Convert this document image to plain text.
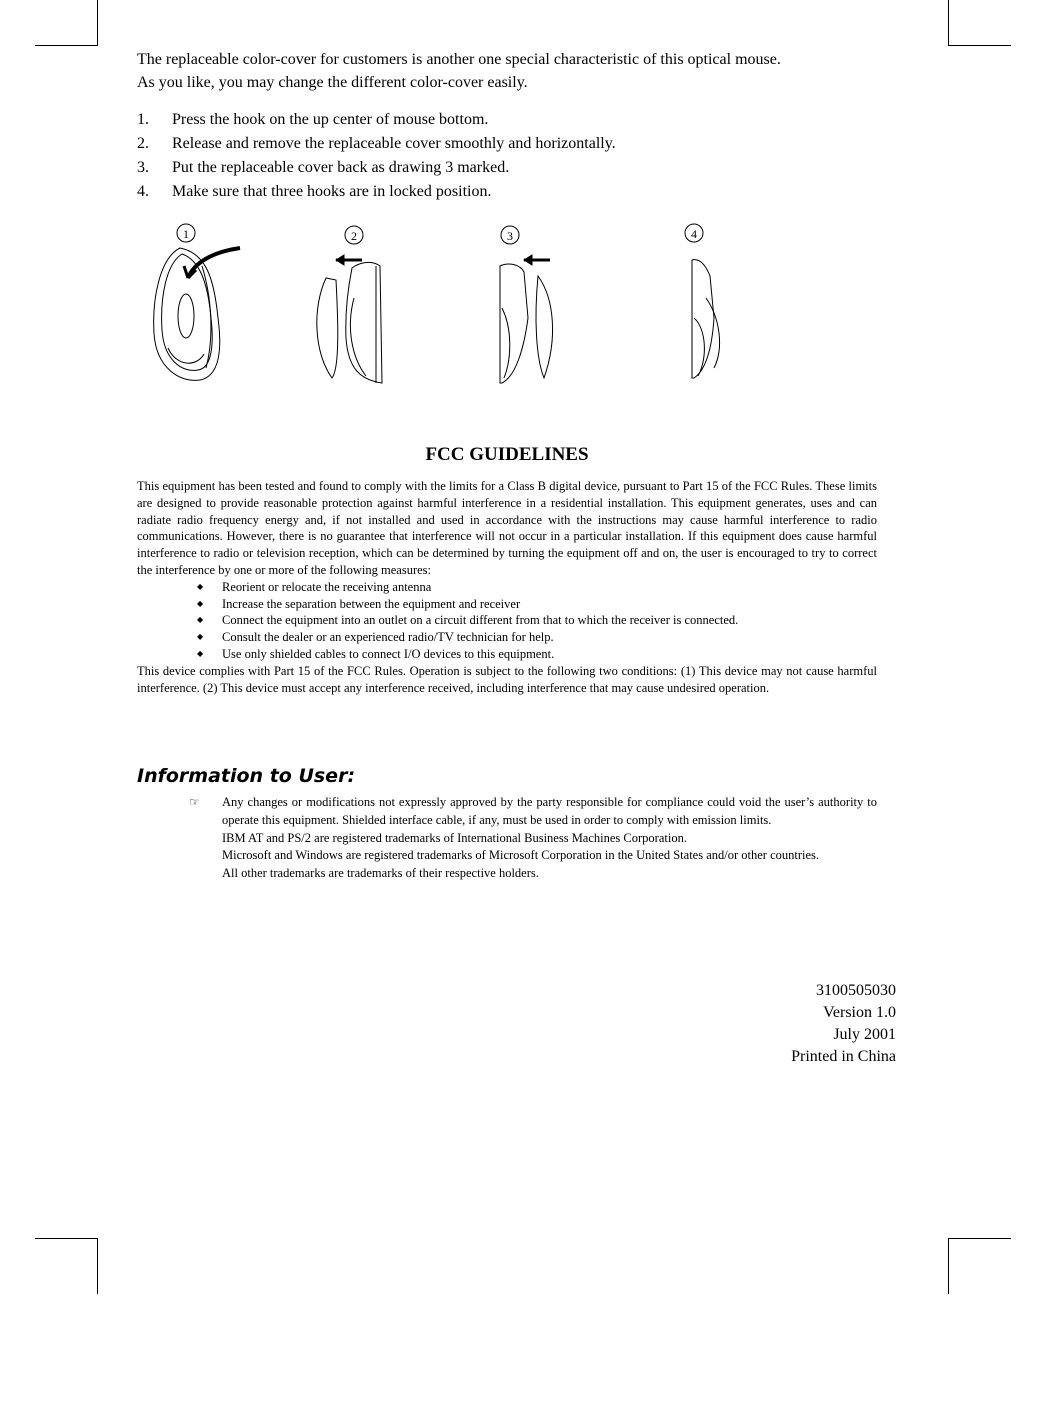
The replaceable color-cover for customers is another one special characteristic of this optical mouse.
As you like, you may change the different color-cover easily.

1.	Press the hook on the up center of mouse bottom.
2.	Release and remove the replaceable cover smoothly and horizontally.
3.	Put the replaceable cover back as drawing 3 marked.
4.	Make sure that three hooks are in locked position.
1	2	3	4
FCC GUIDELINES

This equipment has been tested and found to comply with the limits for a Class B digital device, pursuant to Part 15 of the FCC Rules. These limits are designed to provide reasonable protection against harmful interference in a residential installation. This equipment generates, uses and can radiate radio frequency energy and, if not installed and used in accordance with the instructions may cause harmful interference to radio communications. However, there is no guarantee that interference will not occur in a particular installation. If this equipment does cause harmful interference to radio or television reception, which can be determined by turning the equipment off and on, the user is encouraged to try to correct the interference by one or more of the following measures:

◆ Reorient or relocate the receiving antenna
◆ Increase the separation between the equipment and receiver
◆ Connect the equipment into an outlet on a circuit different from that to which the receiver is connected.
◆ Consult the dealer or an experienced radio/TV technician for help.
◆ Use only shielded cables to connect I/O devices to this equipment.

This device complies with Part 15 of the FCC Rules. Operation is subject to the following two conditions: (1) This device may not cause harmful interference. (2) This device must accept any interference received, including interference that may cause undesired operation.

Information to User:
☞	Any changes or modifications not expressly approved by the party responsible for compliance could void the user’s authority to operate this equipment. Shielded interface cable, if any, must be used in order to comply with emission limits.

IBM AT and PS/2 are registered trademarks of International Business Machines Corporation.

Microsoft and Windows are registered trademarks of Microsoft Corporation in the United States and/or other countries.

All other trademarks are trademarks of their respective holders.

3100505030
Version 1.0
July 2001
Printed in China
